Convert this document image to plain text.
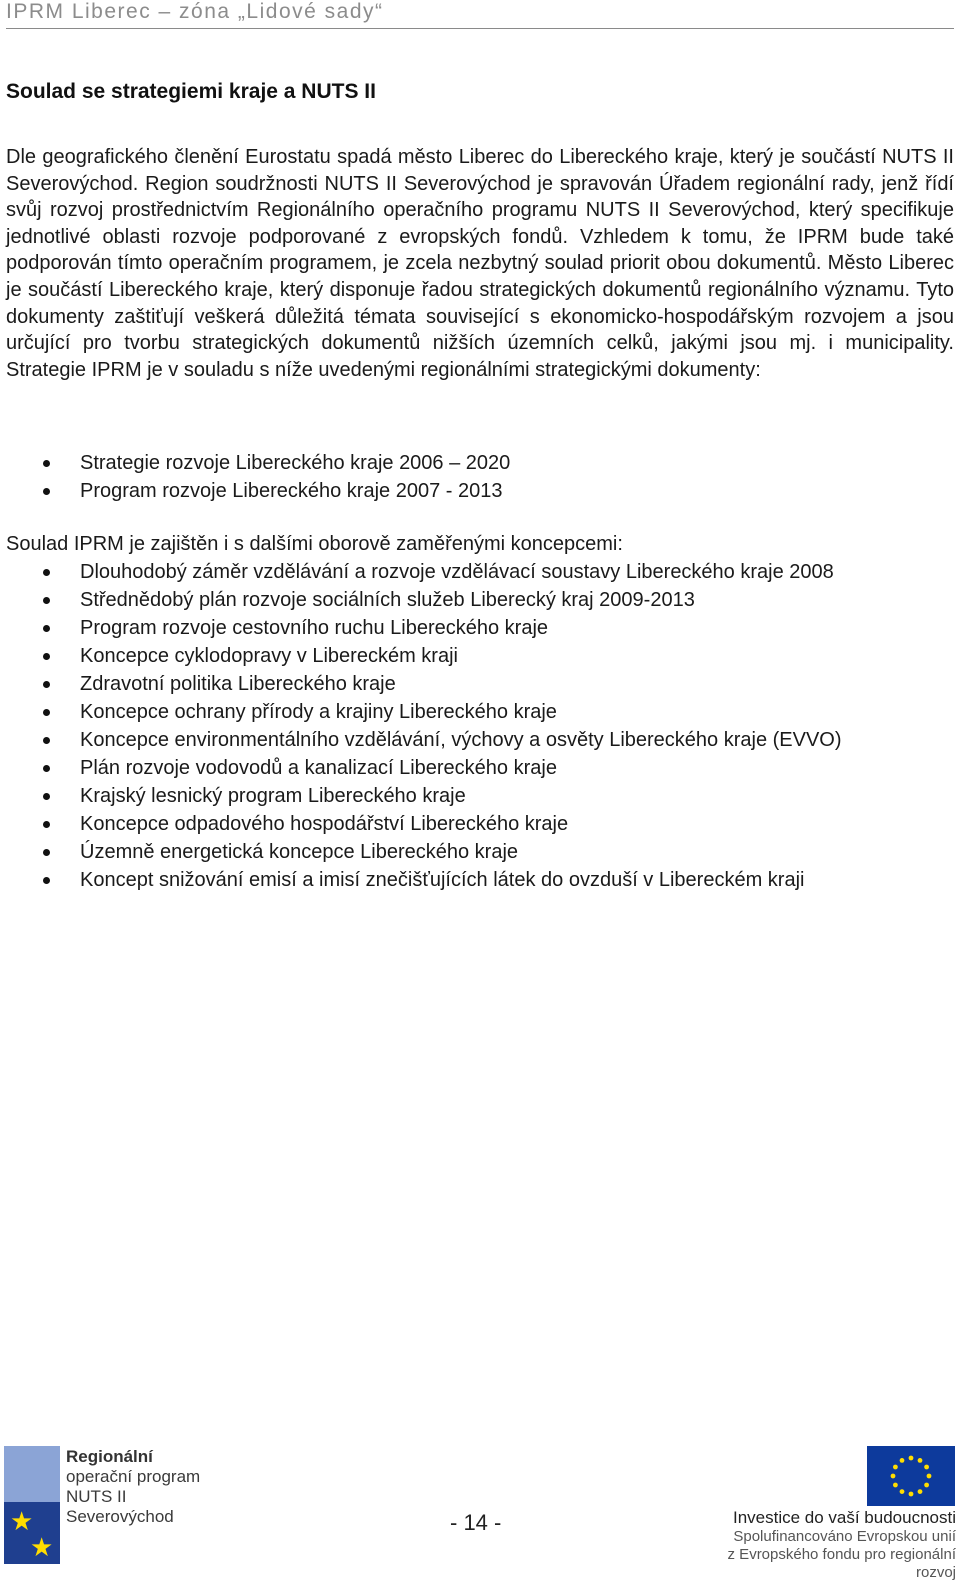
IPRM Liberec – zóna „Lidové sady“
Soulad se strategiemi kraje a NUTS II
Dle geografického členění Eurostatu spadá město Liberec do Libereckého kraje, který je součástí NUTS II Severovýchod. Region soudržnosti NUTS II Severovýchod je spravován Úřadem regionální rady, jenž řídí svůj rozvoj prostřednictvím Regionálního operačního programu NUTS II Severovýchod, který specifikuje jednotlivé oblasti rozvoje podporované z evropských fondů. Vzhledem k tomu, že IPRM bude také podporován tímto operačním programem, je zcela nezbytný soulad priorit obou dokumentů. Město Liberec je součástí Libereckého kraje, který disponuje řadou strategických dokumentů regionálního významu. Tyto dokumenty zaštiťují veškerá důležitá témata související s ekonomicko-hospodářským rozvojem a jsou určující pro tvorbu strategických dokumentů nižších územních celků, jakými jsou mj. i municipality. Strategie IPRM je v souladu s níže uvedenými regionálními strategickými dokumenty:
Strategie rozvoje Libereckého kraje 2006 – 2020
Program rozvoje Libereckého kraje 2007 - 2013
Soulad IPRM je zajištěn i s dalšími oborově zaměřenými koncepcemi:
Dlouhodobý záměr vzdělávání a rozvoje vzdělávací soustavy Libereckého kraje 2008
Střednědobý plán rozvoje sociálních služeb Liberecký kraj 2009-2013
Program rozvoje cestovního ruchu Libereckého kraje
Koncepce cyklodopravy v Libereckém kraji
Zdravotní politika Libereckého kraje
Koncepce ochrany přírody a krajiny Libereckého kraje
Koncepce environmentálního vzdělávání, výchovy a osvěty Libereckého kraje (EVVO)
Plán rozvoje vodovodů a kanalizací Libereckého kraje
Krajský lesnický program Libereckého kraje
Koncepce odpadového hospodářství Libereckého kraje
Územně energetická koncepce Libereckého kraje
Koncept snižování emisí a imisí znečišťujících látek do ovzduší v Libereckém kraji
★
★
Regionální
operační program
NUTS II Severovýchod	- 14 -	Investice do vaší budoucnosti
Spolufinancováno Evropskou unií
z Evropského fondu pro regionální rozvoj
